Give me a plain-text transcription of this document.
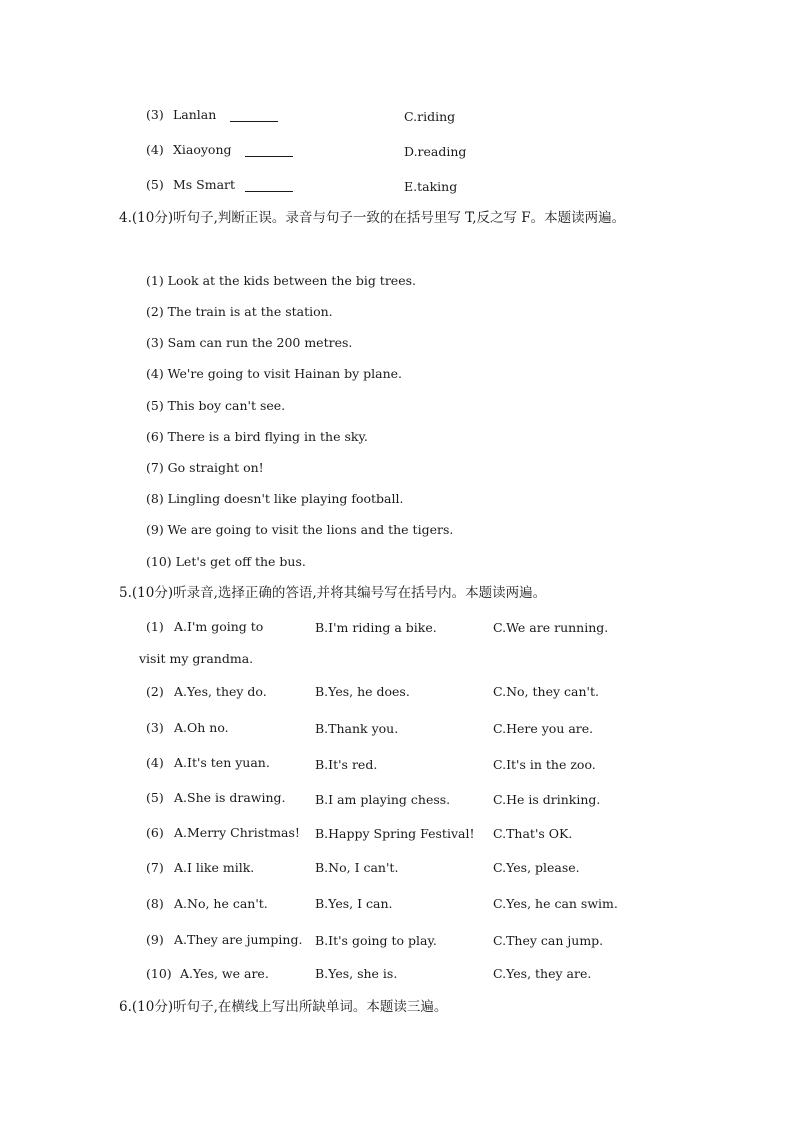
(3) Lanlan	C.riding
(4) Xiaoyong	D.reading
(5) Ms Smart	E.taking
4.(10分)听句子,判断正误。录音与句子一致的在括号里写 T,反之写 F。本题读两遍。
(1) Look at the kids between the big trees.
(2) The train is at the station.
(3) Sam can run the 200 metres.
(4) We're going to visit Hainan by plane.
(5) This boy can't see.
(6) There is a bird flying in the sky.
(7) Go straight on!
(8) Lingling doesn't like playing football.
(9) We are going to visit the lions and the tigers.
(10) Let's get off the bus.
5.(10分)听录音,选择正确的答语,并将其编号写在括号内。本题读两遍。
(1) A.I'm going to	B.I'm riding a bike.	C.We are running.
visit my grandma.
(2) A.Yes, they do.	B.Yes, he does.	C.No, they can't.
(3) A.Oh no.	B.Thank you.	C.Here you are.
(4) A.It's ten yuan.	B.It's red.	C.It's in the zoo.
(5) A.She is drawing. B.I am playing chess.	C.He is drinking.
(6) A.Merry Christmas! B.Happy Spring Festival! C.That's OK.
(7) A.I like milk.	B.No, I can't.	C.Yes, please.
(8) A.No, he can't.	B.Yes, I can.	C.Yes, he can swim.
(9) A.They are jumping. B.It's going to play.	C.They can jump.
(10) A.Yes, we are.	B.Yes, she is.	C.Yes, they are.
6.(10分)听句子,在横线上写出所缺单词。本题读三遍。
